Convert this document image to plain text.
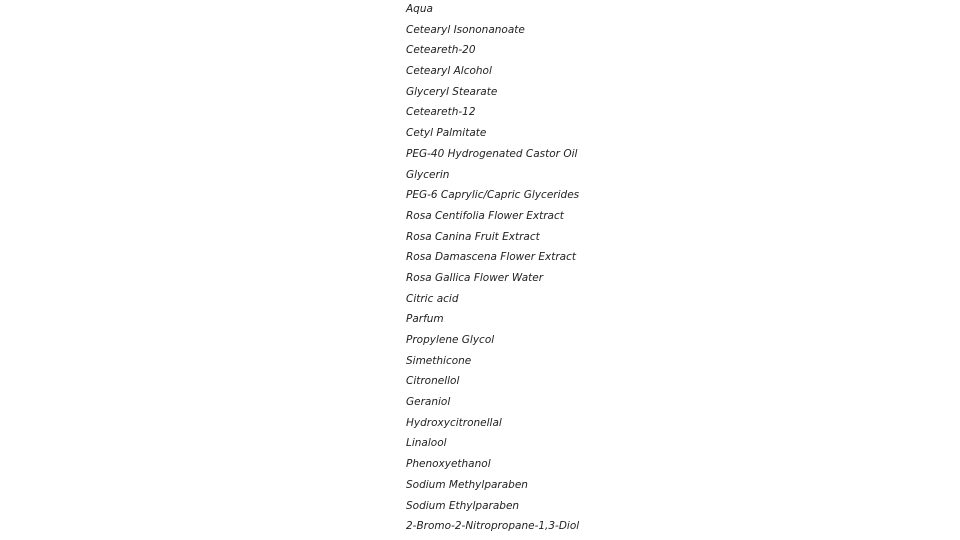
Aqua
Cetearyl Isononanoate
Ceteareth-20
Cetearyl Alcohol
Glyceryl Stearate
Ceteareth-12
Cetyl Palmitate
PEG-40 Hydrogenated Castor Oil
Glycerin
PEG-6 Caprylic/Capric Glycerides
Rosa Centifolia Flower Extract
Rosa Canina Fruit Extract
Rosa Damascena Flower Extract
Rosa Gallica Flower Water
Citric acid
Parfum
Propylene Glycol
Simethicone
Citronellol
Geraniol
Hydroxycitronellal
Linalool
Phenoxyethanol
Sodium Methylparaben
Sodium Ethylparaben
2-Bromo-2-Nitropropane-1,3-Diol
